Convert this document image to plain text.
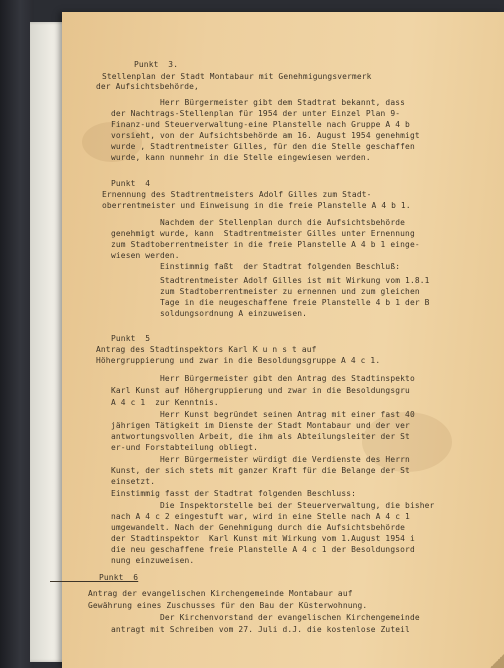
Punkt  3.
Stellenplan der Stadt Montabaur mit Genehmigungsvermerk
der Aufsichtsbehörde,
Herr Bürgermeister gibt dem Stadtrat bekannt, dass
der Nachtrags-Stellenplan für 1954 der unter Einzel Plan 9-
Finanz-und Steuerverwaltung-eine Planstelle nach Gruppe A 4 b
vorsieht, von der Aufsichtsbehörde am 16. August 1954 genehmigt
wurde , Stadtrentmeister Gilles, für den die Stelle geschaffen
wurde, kann nunmehr in die Stelle eingewiesen werden.
Punkt  4
Ernennung des Stadtrentmeisters Adolf Gilles zum Stadt-
oberrentmeister und Einweisung in die freie Planstelle A 4 b 1.
Nachdem der Stellenplan durch die Aufsichtsbehörde
genehmigt wurde, kann  Stadtrentmeister Gilles unter Ernennung
zum Stadtoberrentmeister in die freie Planstelle A 4 b 1 einge-
wiesen werden.
Einstimmig faßt  der Stadtrat folgenden Beschluß:
Stadtrentmeister Adolf Gilles ist mit Wirkung vom 1.8.1
zum Stadtoberrentmeister zu ernennen und zum gleichen
Tage in die neugeschaffene freie Planstelle 4 b 1 der B
soldungsordnung A einzuweisen.
Punkt  5
Antrag des Stadtinspektors Karl K u n s t auf
Höhergruppierung und zwar in die Besoldungsgruppe A 4 c 1.
Herr Bürgermeister gibt den Antrag des Stadtinspekto
Karl Kunst auf Höhergruppierung und zwar in die Besoldungsgru
A 4 c 1  zur Kenntnis.
Herr Kunst begründet seinen Antrag mit einer fast 40
jährigen Tätigkeit im Dienste der Stadt Montabaur und der ver
antwortungsvollen Arbeit, die ihm als Abteilungsleiter der St
er-und Forstabteilung obliegt.
Herr Bürgermeister würdigt die Verdienste des Herrn
Kunst, der sich stets mit ganzer Kraft für die Belange der St
einsetzt.
Einstimmig fasst der Stadtrat folgenden Beschluss:
Die Inspektorstelle bei der Steuerverwaltung, die bisher
nach A 4 c 2 eingestuft war, wird in eine Stelle nach A 4 c 1
umgewandelt. Nach der Genehmigung durch die Aufsichtsbehörde
der Stadtinspektor  Karl Kunst mit Wirkung vom 1.August 1954 i
die neu geschaffene freie Planstelle A 4 c 1 der Besoldungsord
nung einzuweisen.
Punkt  6
Antrag der evangelischen Kirchengemeinde Montabaur auf
Gewährung eines Zuschusses für den Bau der Küsterwohnung.
Der Kirchenvorstand der evangelischen Kirchengemeinde
antragt mit Schreiben vom 27. Juli d.J. die kostenlose Zuteil
